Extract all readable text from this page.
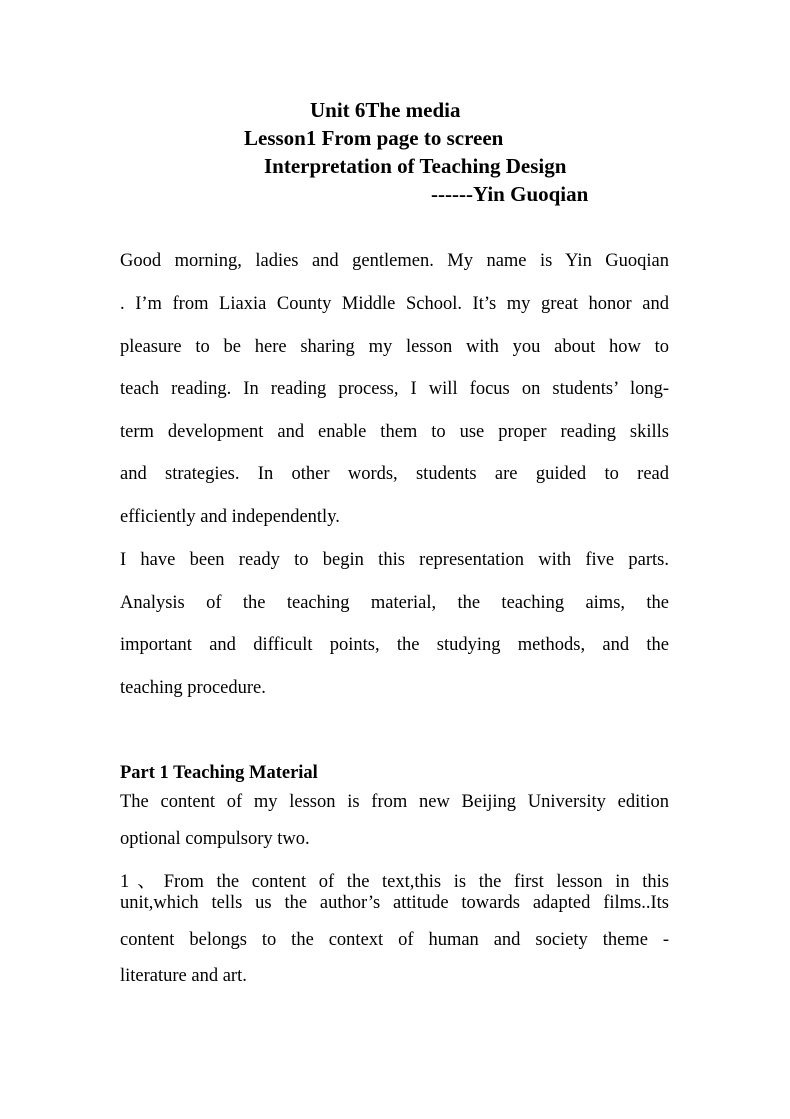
Unit 6The media
Lesson1 From page to screen
Interpretation of Teaching Design
------Yin Guoqian
Good morning, ladies and gentlemen. My name is Yin Guoqian
. I’m from Liaxia County Middle School. It’s my great honor and
pleasure to be here sharing my lesson with you about how to
teach reading. In reading process, I will focus on students’ long-
term development and enable them to use proper reading skills
and strategies. In other words, students are guided to read
efficiently and independently.
I have been ready to begin this representation with five parts.
Analysis of the teaching material, the teaching aims, the
important and difficult points, the studying methods, and the
teaching procedure.
Part 1 Teaching Material
The content of my lesson is from new Beijing University edition
optional compulsory two.
1、From the content of the text,this is the first lesson in this
unit,which tells us the author’s attitude towards adapted films..Its
content belongs to the context of human and society theme -
literature and art.
